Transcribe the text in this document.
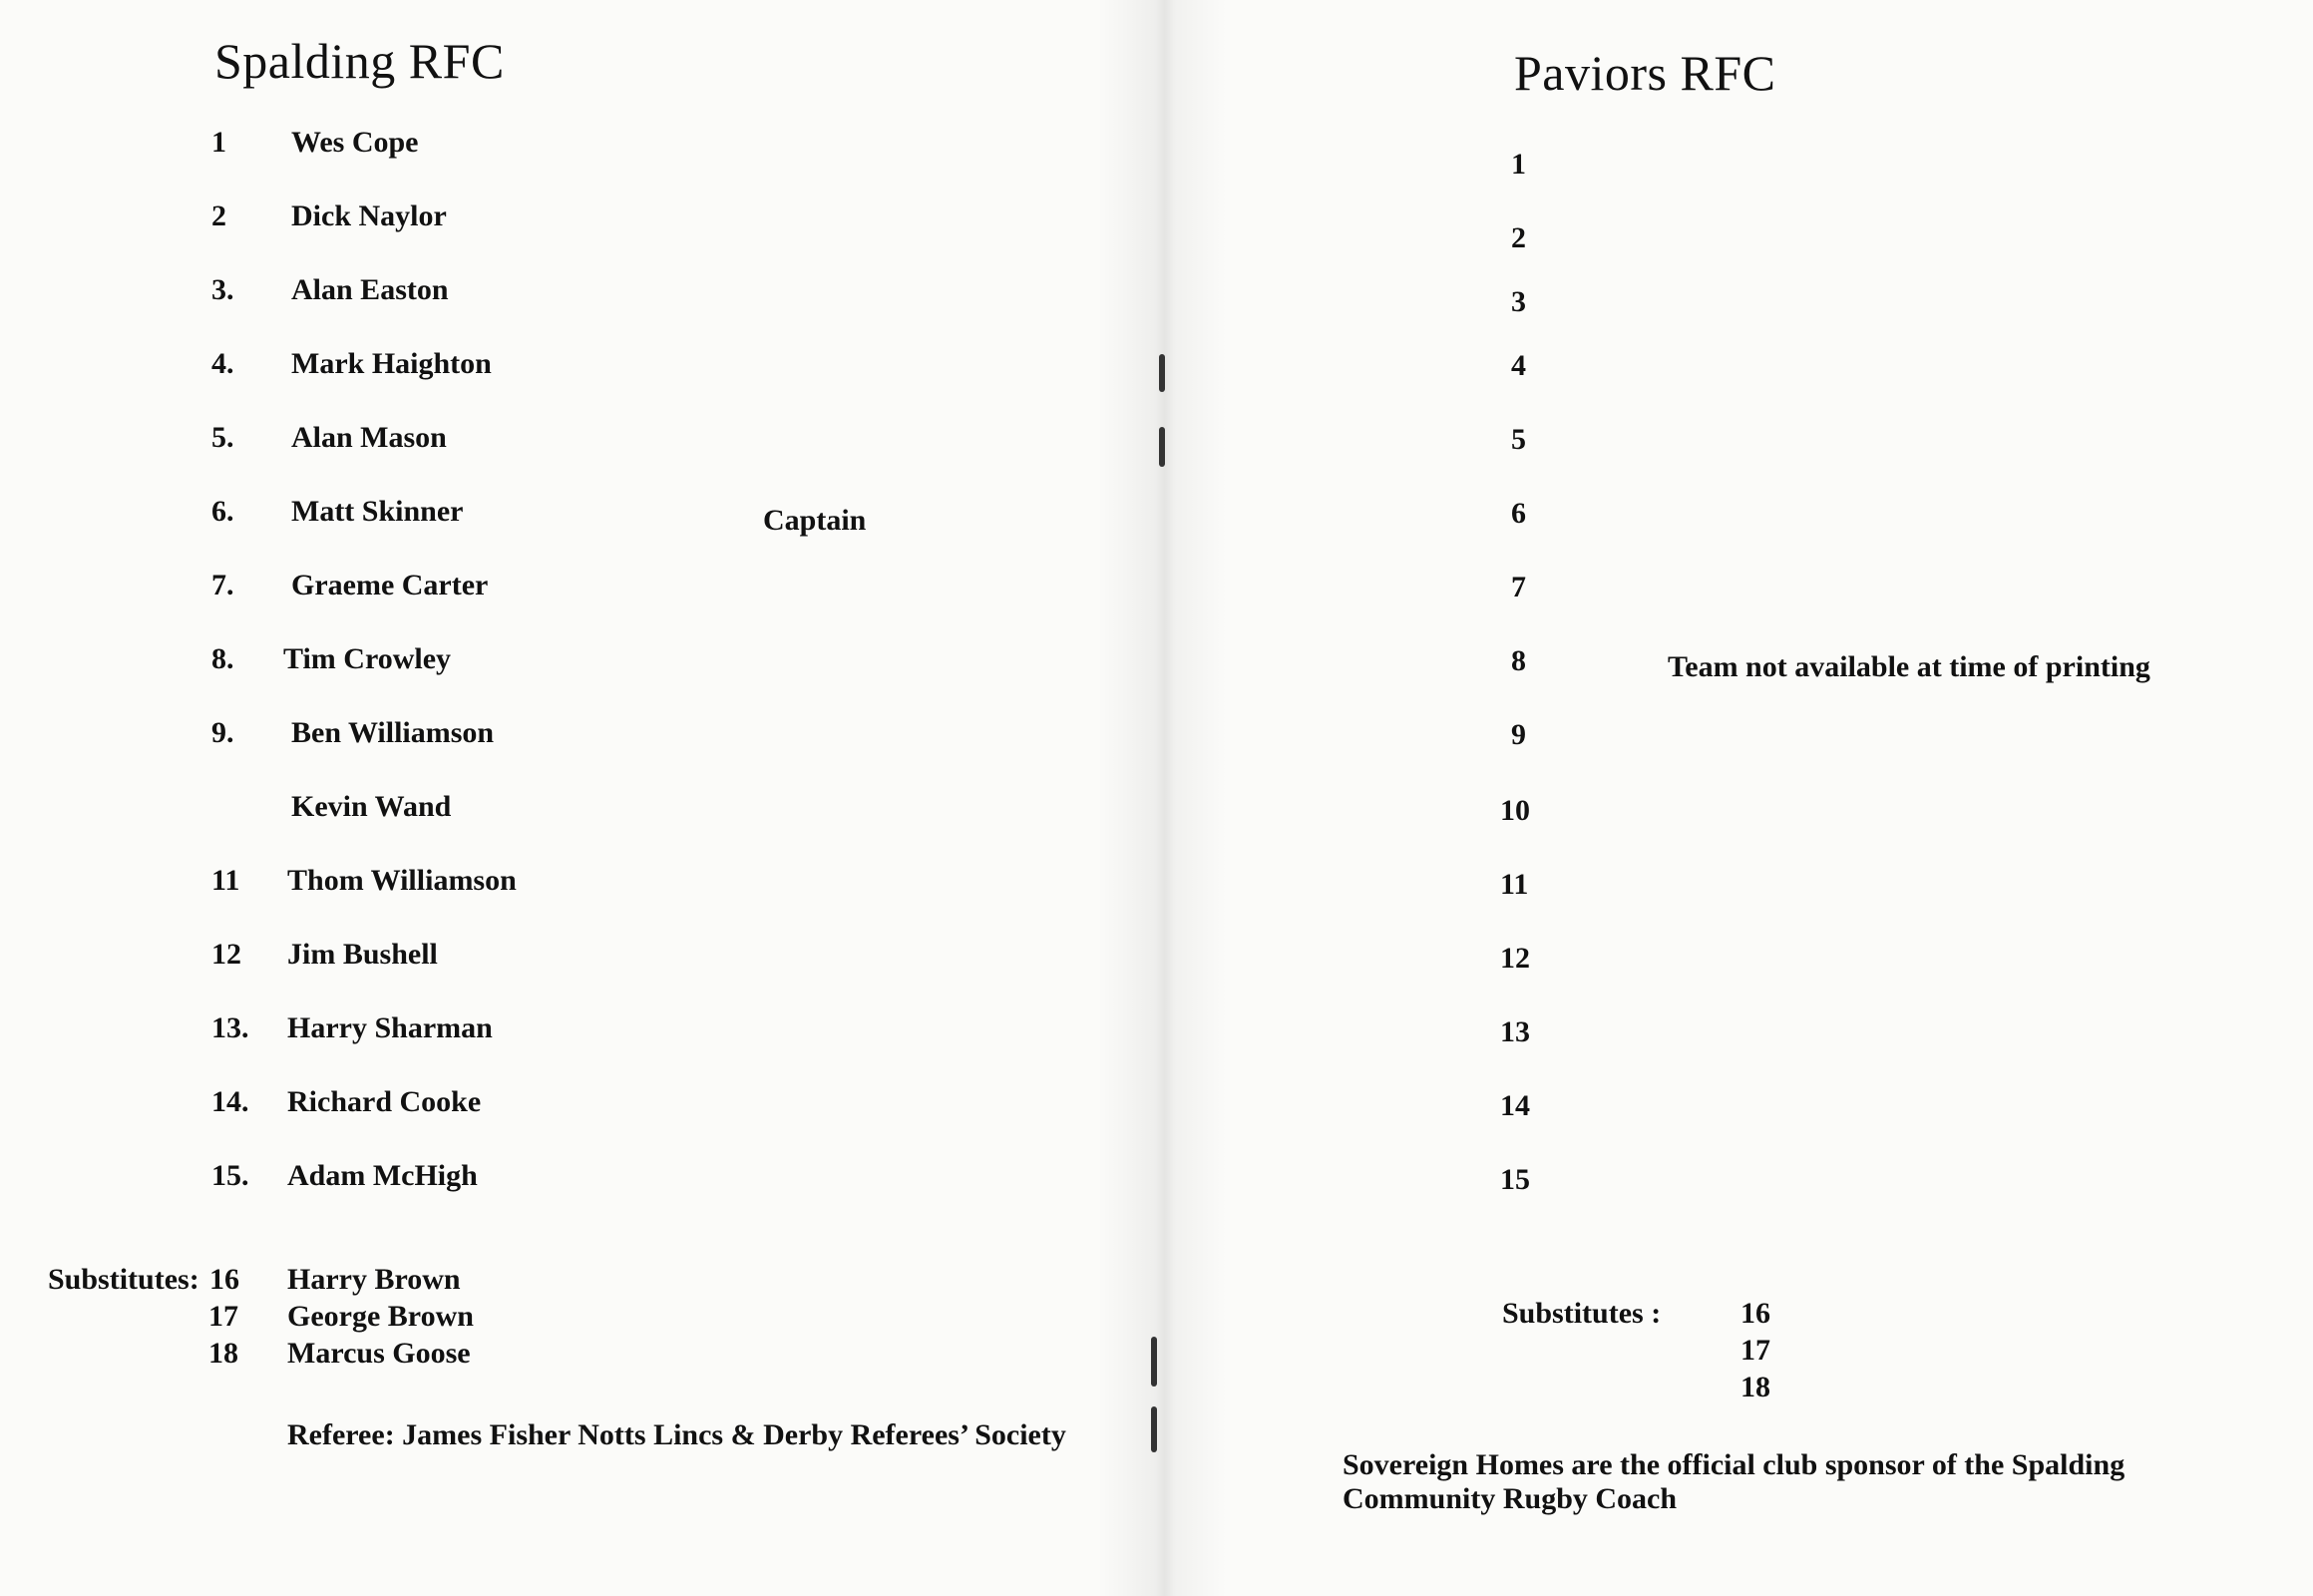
Spalding RFC
1 Wes Cope
2 Dick Naylor
3. Alan Easton
4. Mark Haighton
5. Alan Mason
6. Matt Skinner
7. Graeme Carter
8. Tim Crowley
9. Ben Williamson
Kevin Wand
11 Thom Williamson
12 Jim Bushell
13. Harry Sharman
14. Richard Cooke
15. Adam McHigh
Captain
Substitutes: 16 Harry Brown
17 George Brown
18 Marcus Goose
Referee: James Fisher Notts Lincs & Derby Referees’ Society
Paviors RFC
1
2
3
4
5
6
7
8
9
10
11
12
13
14
15
Team not available at time of printing
Substitutes :	16
17
18
Sovereign Homes are the official club sponsor of the Spalding
Community Rugby Coach
